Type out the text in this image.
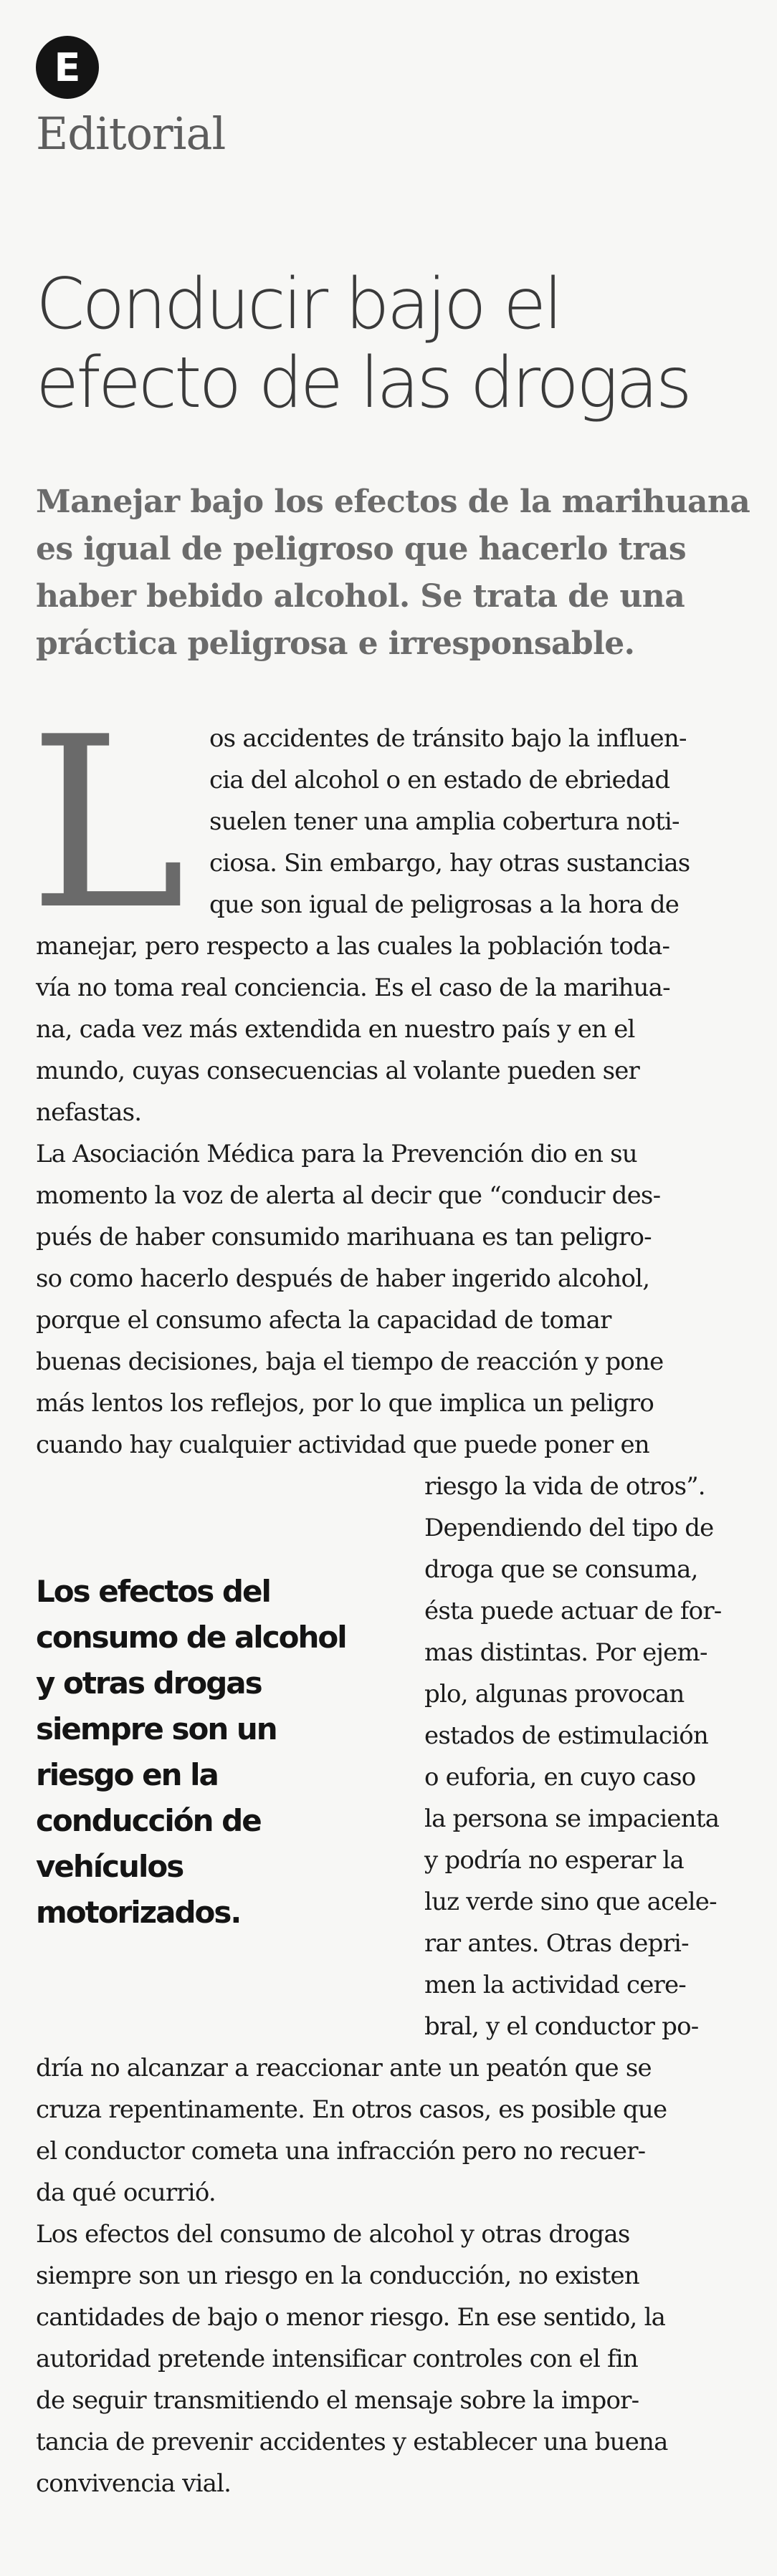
E
Editorial
Conducir bajo el
efecto de las drogas
Manejar bajo los efectos de la marihuana
es igual de peligroso que hacerlo tras
haber bebido alcohol. Se trata de una
práctica peligrosa e irresponsable.
L os accidentes de tránsito bajo la influen-
cia del alcohol o en estado de ebriedad
suelen tener una amplia cobertura noti-
ciosa. Sin embargo, hay otras sustancias
que son igual de peligrosas a la hora de
manejar, pero respecto a las cuales la población toda-
vía no toma real conciencia. Es el caso de la marihua-
na, cada vez más extendida en nuestro país y en el
mundo, cuyas consecuencias al volante pueden ser
nefastas.
La Asociación Médica para la Prevención dio en su
momento la voz de alerta al decir que “conducir des-
pués de haber consumido marihuana es tan peligro-
so como hacerlo después de haber ingerido alcohol,
porque el consumo afecta la capacidad de tomar
buenas decisiones, baja el tiempo de reacción y pone
más lentos los reflejos, por lo que implica un peligro
cuando hay cualquier actividad que puede poner en
riesgo la vida de otros”.
Dependiendo del tipo de
droga que se consuma,
ésta puede actuar de for-
mas distintas. Por ejem-
plo, algunas provocan
estados de estimulación
o euforia, en cuyo caso
la persona se impacienta
y podría no esperar la
luz verde sino que acele-
rar antes. Otras depri-
men la actividad cere-
bral, y el conductor po-
dría no alcanzar a reaccionar ante un peatón que se
cruza repentinamente. En otros casos, es posible que
el conductor cometa una infracción pero no recuer-
da qué ocurrió.
Los efectos del consumo de alcohol y otras drogas
siempre son un riesgo en la conducción, no existen
cantidades de bajo o menor riesgo. En ese sentido, la
autoridad pretende intensificar controles con el fin
de seguir transmitiendo el mensaje sobre la impor-
tancia de prevenir accidentes y establecer una buena
convivencia vial.
Los efectos del
consumo de alcohol
y otras drogas
siempre son un
riesgo en la
conducción de
vehículos
motorizados.
